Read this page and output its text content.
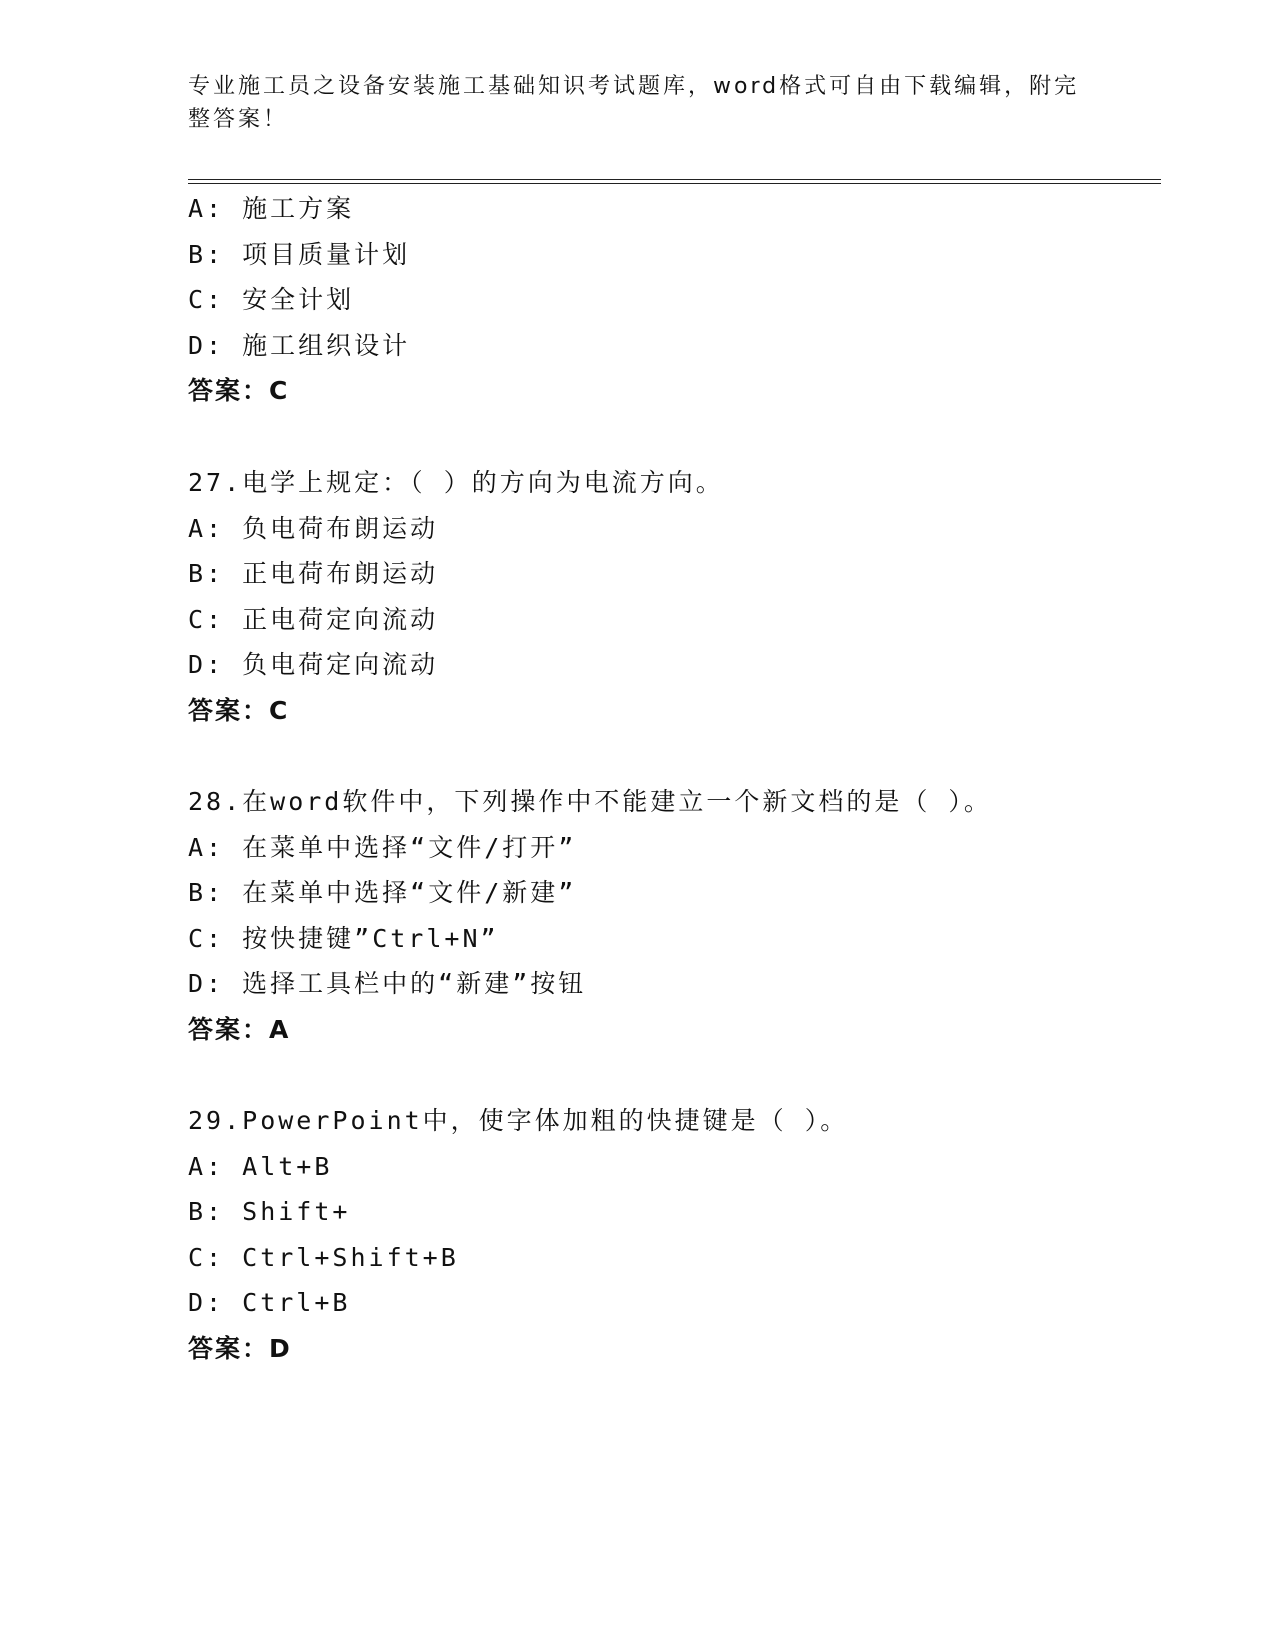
专业施工员之设备安装施工基础知识考试题库，word格式可自由下载编辑，附完
整答案！
A: 施工方案
B: 项目质量计划
C: 安全计划
D: 施工组织设计
答案：C
27.电学上规定：（ ）的方向为电流方向。
A: 负电荷布朗运动
B: 正电荷布朗运动
C: 正电荷定向流动
D: 负电荷定向流动
答案：C
28.在word软件中，下列操作中不能建立一个新文档的是（ ）。
A: 在菜单中选择“文件/打开”
B: 在菜单中选择“文件/新建”
C: 按快捷键”Ctrl+N”
D: 选择工具栏中的“新建”按钮
答案：A
29.PowerPoint中，使字体加粗的快捷键是（ ）。
A: Alt+B
B: Shift+
C: Ctrl+Shift+B
D: Ctrl+B
答案：D
